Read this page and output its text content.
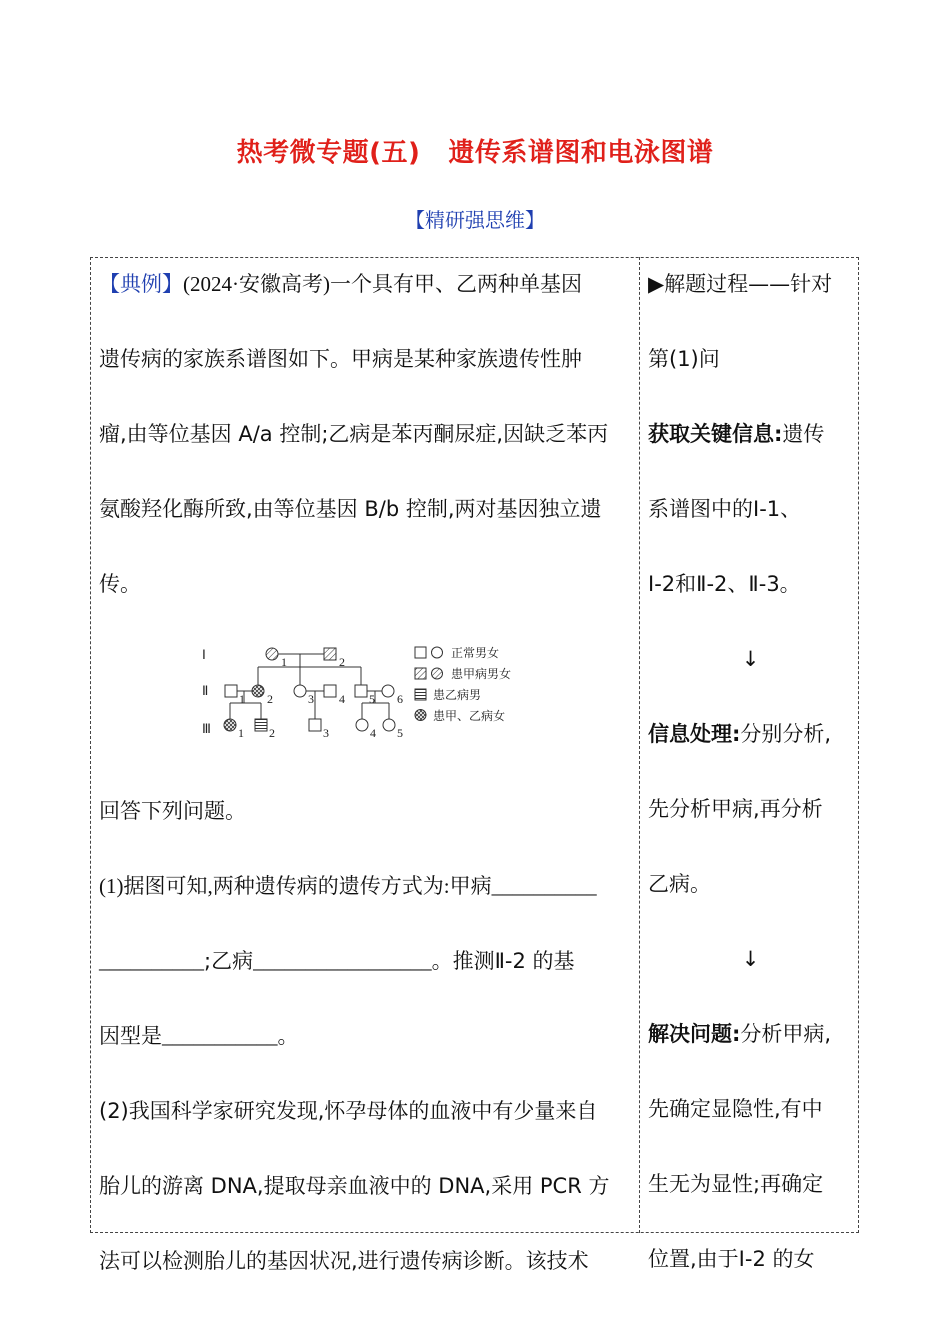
热考微专题(五) 遗传系谱图和电泳图谱
【精研强思维】
【典例】(2024·安徽高考)一个具有甲、乙两种单基因
遗传病的家族系谱图如下。甲病是某种家族遗传性肿
瘤,由等位基因 A/a 控制;乙病是苯丙酮尿症,因缺乏苯丙
氨酸羟化酶所致,由等位基因 B/b 控制,两对基因独立遗
传。
Ⅰ
Ⅱ
Ⅲ
1	2
1 2	3 4 5 6
1 2	3	4 5
正常男女
患甲病男女
患乙病男
患甲、乙病女
回答下列问题。
(1)据图可知,两种遗传病的遗传方式为:甲病__________
__________;乙病_________________。推测Ⅱ-2 的基
因型是___________。
(2)我国科学家研究发现,怀孕母体的血液中有少量来自
胎儿的游离 DNA,提取母亲血液中的 DNA,采用 PCR 方
法可以检测胎儿的基因状况,进行遗传病诊断。该技术
▶解题过程——针对
第(1)问
获取关键信息:遗传
系谱图中的Ⅰ-1、
Ⅰ-2和Ⅱ-2、Ⅱ-3。
↓
信息处理:分别分析,
先分析甲病,再分析
乙病。
↓
解决问题:分析甲病,
先确定显隐性,有中
生无为显性;再确定
位置,由于Ⅰ-2 的女
